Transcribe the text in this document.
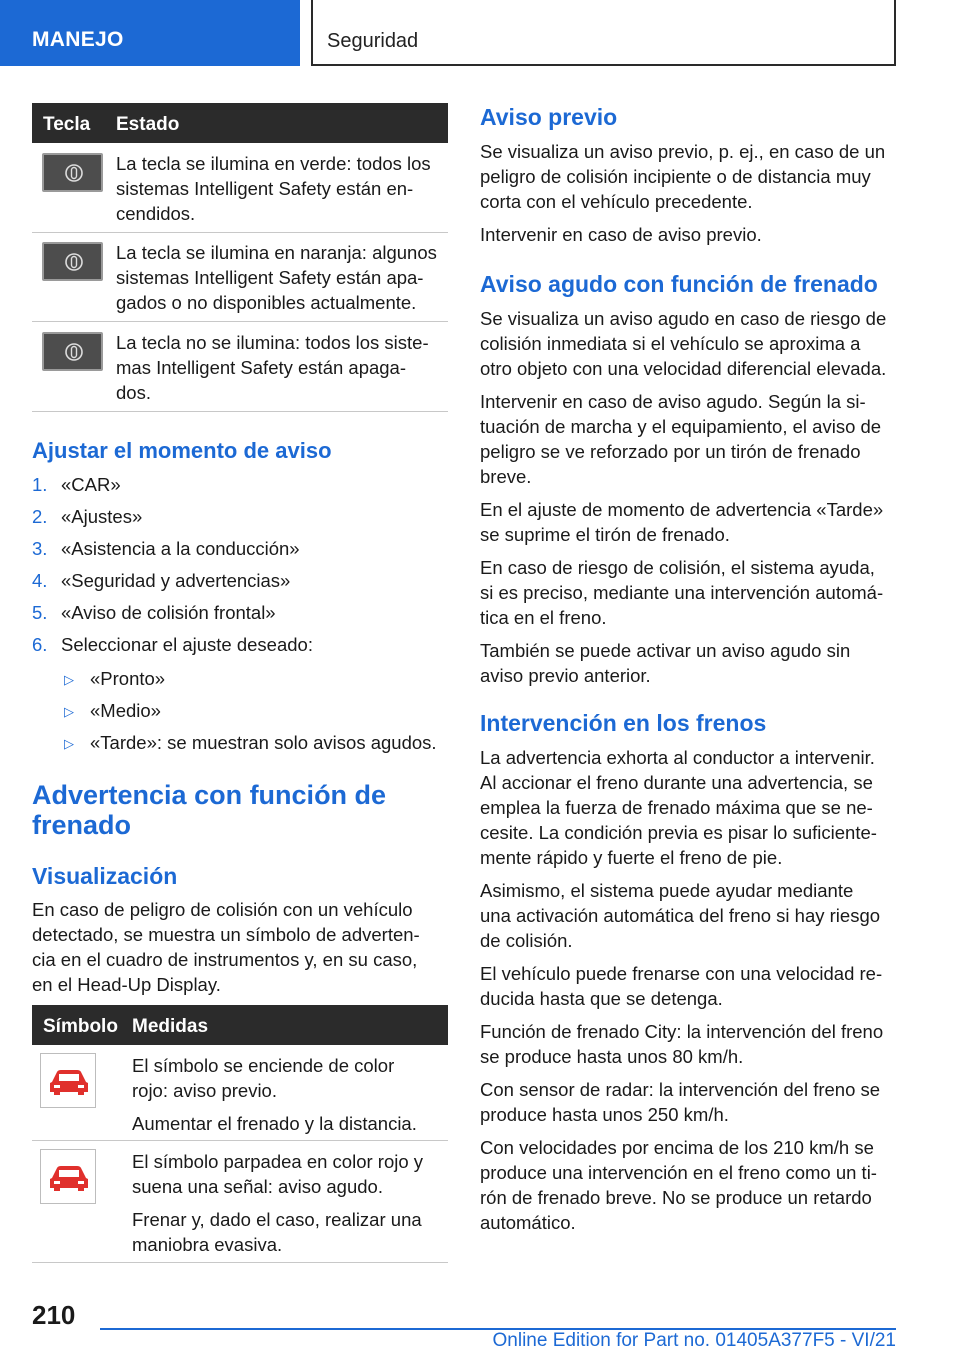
MANEJO	Seguridad
Tecla Estado
La tecla se ilumina en verde: todos los
sistemas Intelligent Safety están en-
cendidos.
La tecla se ilumina en naranja: algunos
sistemas Intelligent Safety están apa-
gados o no disponibles actualmente.
La tecla no se ilumina: todos los siste-
mas Intelligent Safety están apaga-
dos.
Ajustar el momento de aviso
1. «CAR»
2. «Ajustes»
3. «Asistencia a la conducción»
4. «Seguridad y advertencias»
5. «Aviso de colisión frontal»
6. Seleccionar el ajuste deseado:
▷ «Pronto»
▷ «Medio»
▷ «Tarde»: se muestran solo avisos agudos.
Advertencia con función de
frenado
Visualización
En caso de peligro de colisión con un vehículo
detectado, se muestra un símbolo de adverten-
cia en el cuadro de instrumentos y, en su caso,
en el Head-Up Display.
Símbolo Medidas
El símbolo se enciende de color
rojo: aviso previo.
Aumentar el frenado y la distancia.
El símbolo parpadea en color rojo y
suena una señal: aviso agudo.
Frenar y, dado el caso, realizar una
maniobra evasiva.
Aviso previo
Se visualiza un aviso previo, p. ej., en caso de un
peligro de colisión incipiente o de distancia muy
corta con el vehículo precedente.
Intervenir en caso de aviso previo.
Aviso agudo con función de frenado
Se visualiza un aviso agudo en caso de riesgo de
colisión inmediata si el vehículo se aproxima a
otro objeto con una velocidad diferencial elevada.
Intervenir en caso de aviso agudo. Según la si-
tuación de marcha y el equipamiento, el aviso de
peligro se ve reforzado por un tirón de frenado
breve.
En el ajuste de momento de advertencia «Tarde»
se suprime el tirón de frenado.
En caso de riesgo de colisión, el sistema ayuda,
si es preciso, mediante una intervención automá-
tica en el freno.
También se puede activar un aviso agudo sin
aviso previo anterior.
Intervención en los frenos
La advertencia exhorta al conductor a intervenir.
Al accionar el freno durante una advertencia, se
emplea la fuerza de frenado máxima que se ne-
cesite. La condición previa es pisar lo suficiente-
mente rápido y fuerte el freno de pie.
Asimismo, el sistema puede ayudar mediante
una activación automática del freno si hay riesgo
de colisión.
El vehículo puede frenarse con una velocidad re-
ducida hasta que se detenga.
Función de frenado City: la intervención del freno
se produce hasta unos 80 km/h.
Con sensor de radar: la intervención del freno se
produce hasta unos 250 km/h.
Con velocidades por encima de los 210 km/h se
produce una intervención en el freno como un ti-
rón de frenado breve. No se produce un retardo
automático.
210
Online Edition for Part no. 01405A377F5 - VI/21
